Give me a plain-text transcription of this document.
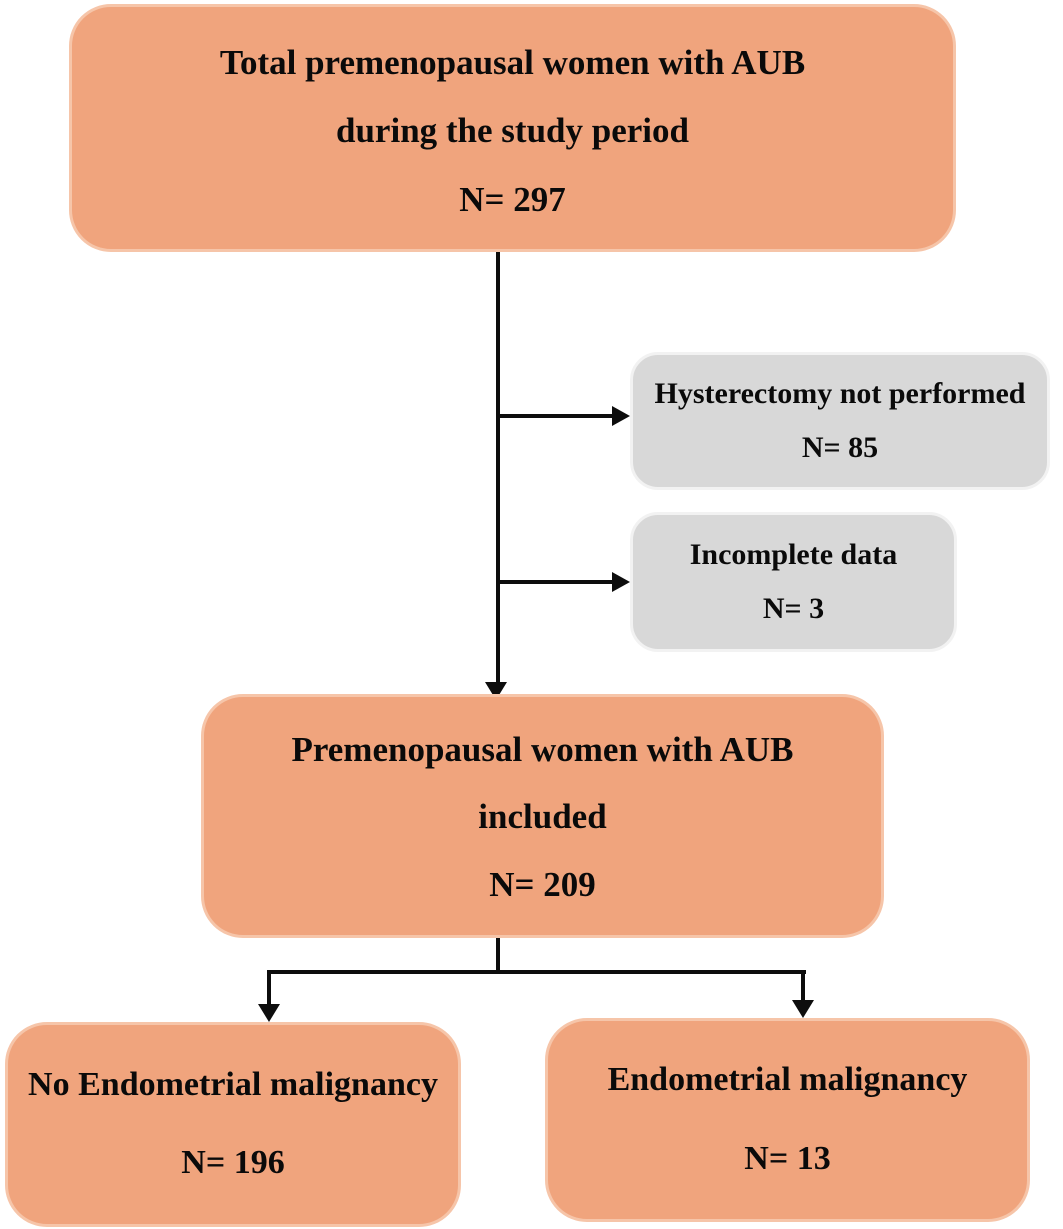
Total premenopausal women with AUB
during the study period
N= 297
Hysterectomy not performed
N= 85
Incomplete data
N= 3
Premenopausal women with AUB
included
N= 209
No Endometrial malignancy
N= 196
Endometrial malignancy
N= 13
